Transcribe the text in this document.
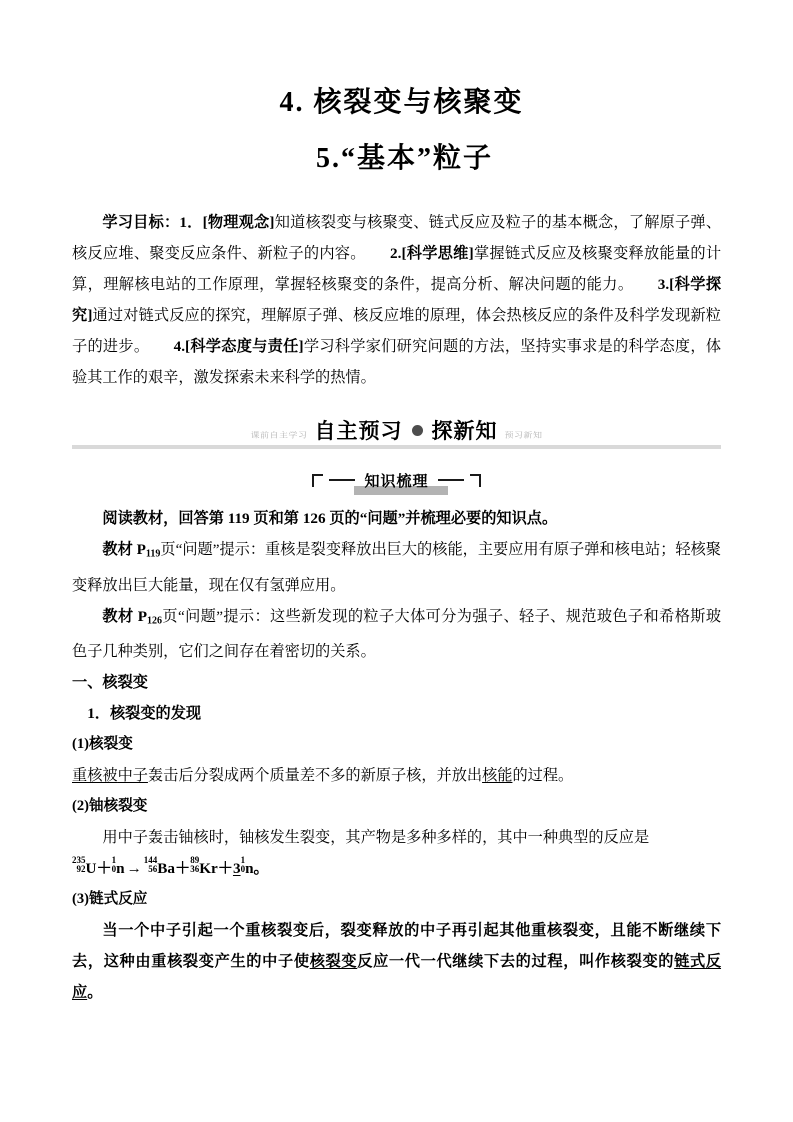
4. 核裂变与核聚变
5.“基本”粒子
学习目标：1．[物理观念]知道核裂变与核聚变、链式反应及粒子的基本概念，了解原子弹、核反应堆、聚变反应条件、新粒子的内容。 2.[科学思维]掌握链式反应及核聚变释放能量的计算，理解核电站的工作原理，掌握轻核聚变的条件，提高分析、解决问题的能力。 3.[科学探究]通过对链式反应的探究，理解原子弹、核反应堆的原理，体会热核反应的条件及科学发现新粒子的进步。 4.[科学态度与责任]学习科学家们研究问题的方法，坚持实事求是的科学态度，体验其工作的艰辛，激发探索未来科学的热情。
课前自主学习 自主预习 探新知 预习新知
知识梳理

阅读教材，回答第 119 页和第 126 页的“问题”并梳理必要的知识点。

教材 $P_{119}$页“问题”提示：重核是裂变释放出巨大的核能，主要应用有原子弹和核电站；轻核聚变释放出巨大能量，现在仅有氢弹应用。

教材 $P_{126}$页“问题”提示：这些新发现的粒子大体可分为强子、轻子、规范玻色子和希格斯玻色子几种类别，它们之间存在着密切的关系。

一、核裂变

1．核裂变的发现

(1)核裂变

重核被中子轰击后分裂成两个质量差不多的新原子核，并放出核能的过程。

(2)铀核裂变

用中子轰击铀核时，铀核发生裂变，其产物是多种多样的，其中一种典型的反应是

235
92 U＋ 1
0 n → 144
56 Ba＋ 89
36 Kr＋3 1
0 n。

(3)链式反应

当一个中子引起一个重核裂变后，裂变释放的中子再引起其他重核裂变，且能不断继续下去，这种由重核裂变产生的中子使核裂变反应一代一代继续下去的过程，叫作核裂变的链式反应。
